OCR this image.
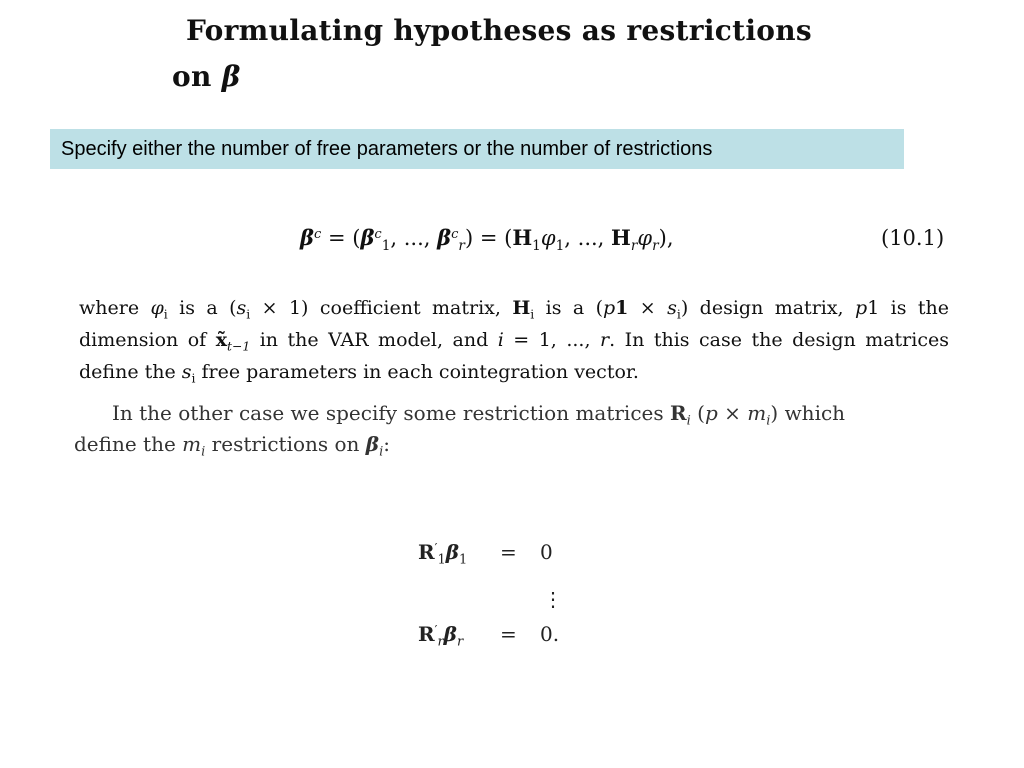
Formulating hypotheses as restrictions
on β
Specify either the number of free parameters or the number of restrictions
$\beta^c = (\beta^c_1$, ..., $\beta^c_r) = (H_1\varphi_1$, ..., $H_r\varphi_r$),	(10.1)
where $\varphi_i$ is a $(s_i \times 1)$ coefficient matrix, $H_i$ is a $(p1 \times s_i)$ design matrix, p1 is the dimension of $x̃_{t-1}$ in the VAR model, and i = 1, ..., r. In this case the design matrices define the $s_i$ free parameters in each cointegration vector.
In the other case we specify some restriction matrices $R_i$ $(p \times m_i)$ which define the $m_i$ restrictions on $\beta_i$:
$R'_1\beta_1 = 0$
⋮
$R'_r\beta_r = 0$.
